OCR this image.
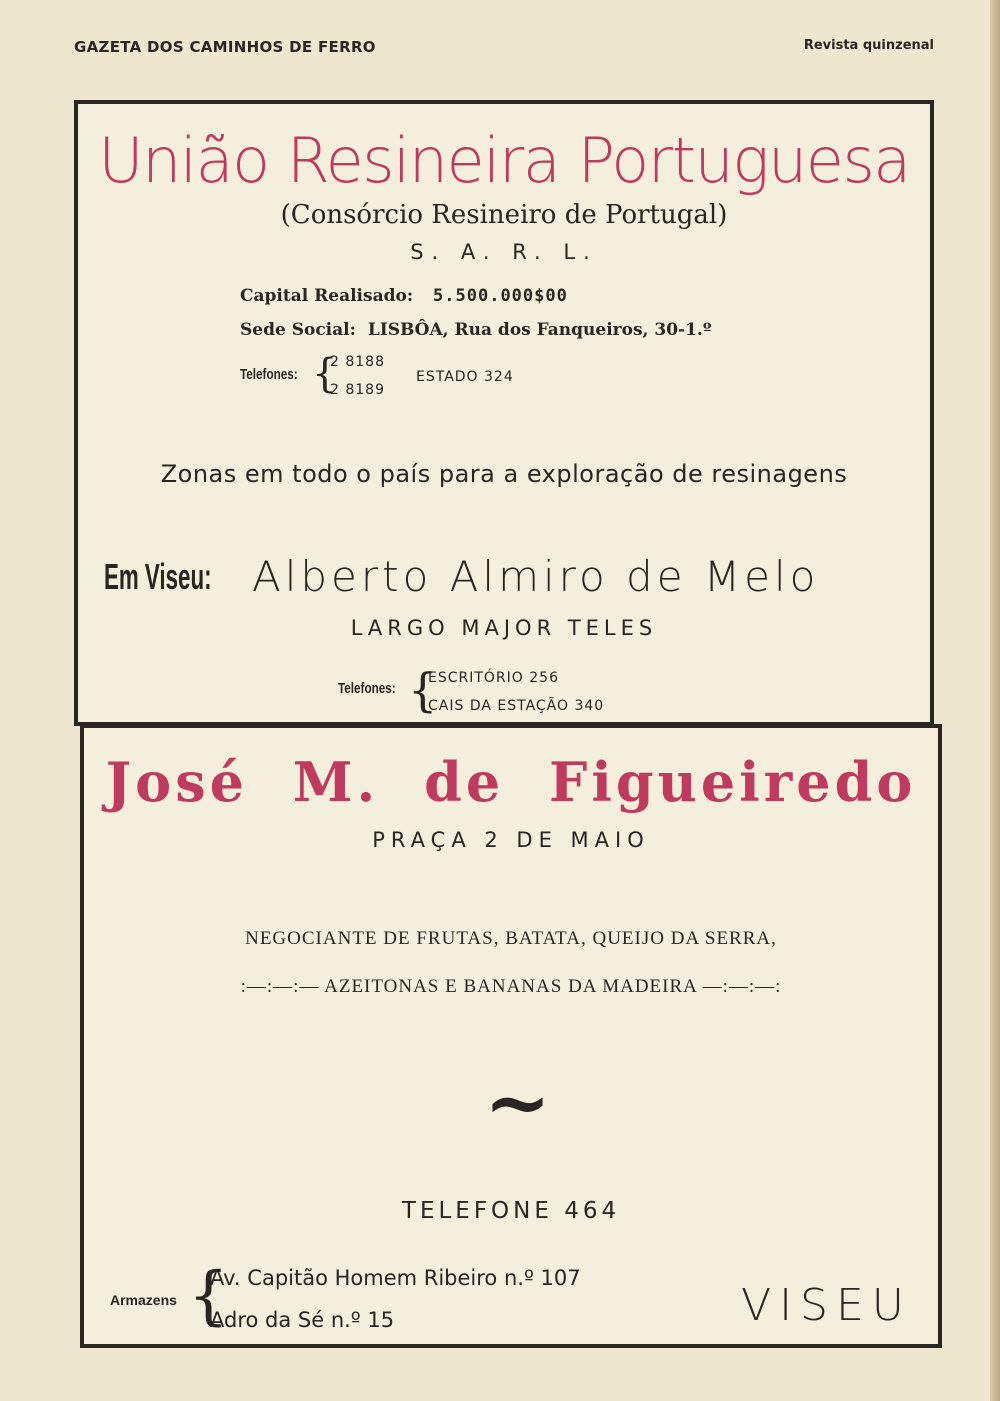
GAZETA DOS CAMINHOS DE FERRO	Revista quinzenal
União Resineira Portuguesa
(Consórcio Resineiro de Portugal)
S. A. R. L.
Capital Realisado: 5.500.000$00
Sede Social: LISBÔA, Rua dos Fanqueiros, 30-1.º
Telefones: {
2 8188
2 8189
ESTADO 324
Zonas em todo o país para a exploração de resinagens
Em Viseu: Alberto Almiro de Melo
LARGO MAJOR TELES
Telefones: {
ESCRITÓRIO 256
CAIS DA ESTAÇÃO 340
José M. de Figueiredo
PRAÇA 2 DE MAIO
NEGOCIANTE DE FRUTAS, BATATA, QUEIJO DA SERRA,
:—:—:— AZEITONAS E BANANAS DA MADEIRA —:—:—:
~
TELEFONE 464
Armazens {
Av. Capitão Homem Ribeiro n.º 107
Adro da Sé n.º 15	VISEU
